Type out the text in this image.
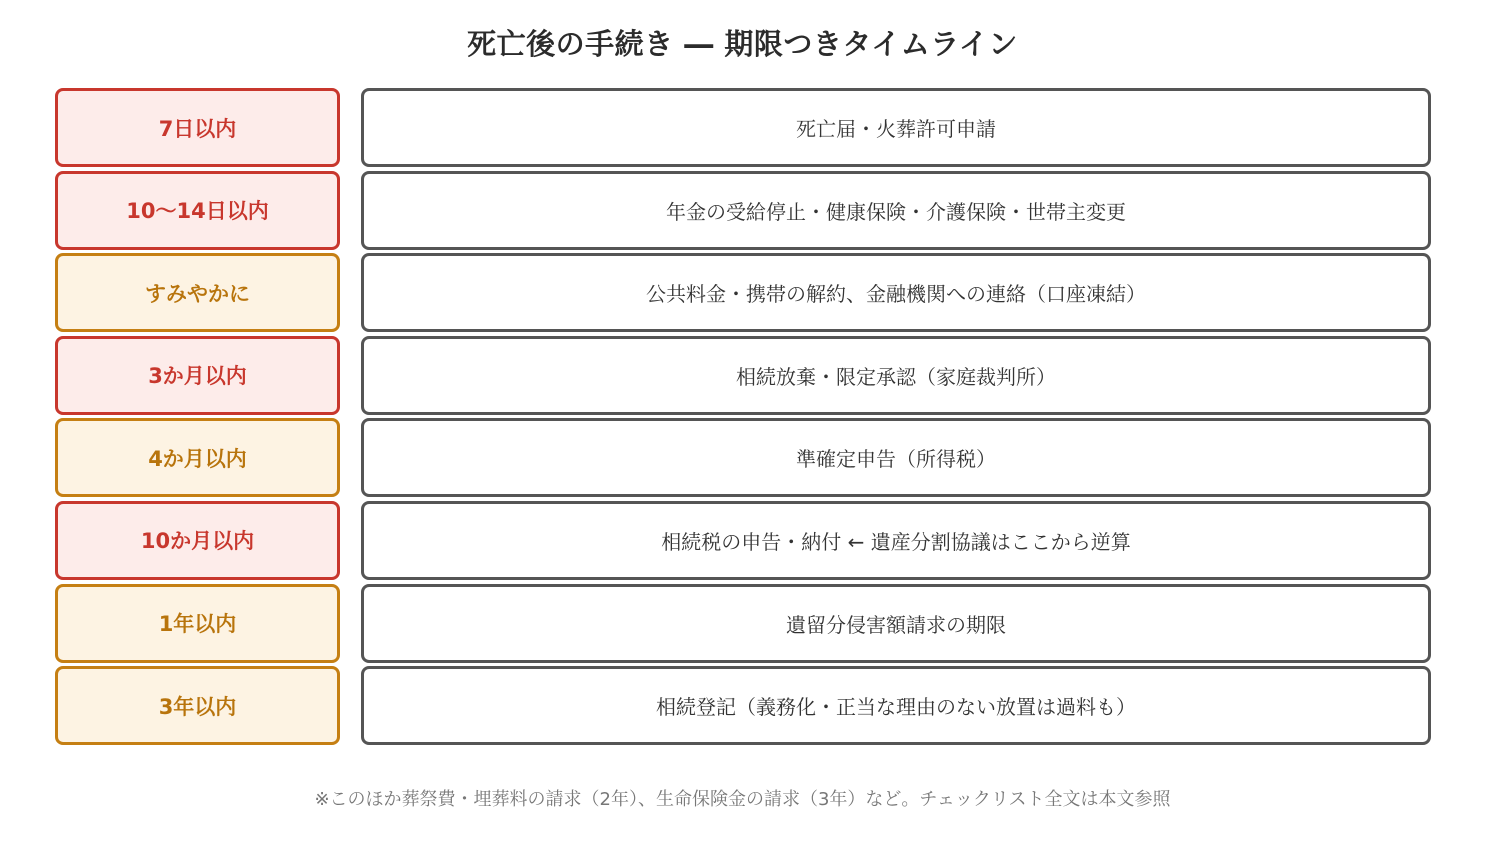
死亡後の手続き ― 期限つきタイムライン
7日以内	死亡届・火葬許可申請
10〜14日以内	年金の受給停止・健康保険・介護保険・世帯主変更
すみやかに	公共料金・携帯の解約、金融機関への連絡（口座凍結）
3か月以内	相続放棄・限定承認（家庭裁判所）
4か月以内	準確定申告（所得税）
10か月以内	相続税の申告・納付 ← 遺産分割協議はここから逆算
1年以内	遺留分侵害額請求の期限
3年以内	相続登記（義務化・正当な理由のない放置は過料も）
※このほか葬祭費・埋葬料の請求（2年）、生命保険金の請求（3年）など。チェックリスト全文は本文参照
